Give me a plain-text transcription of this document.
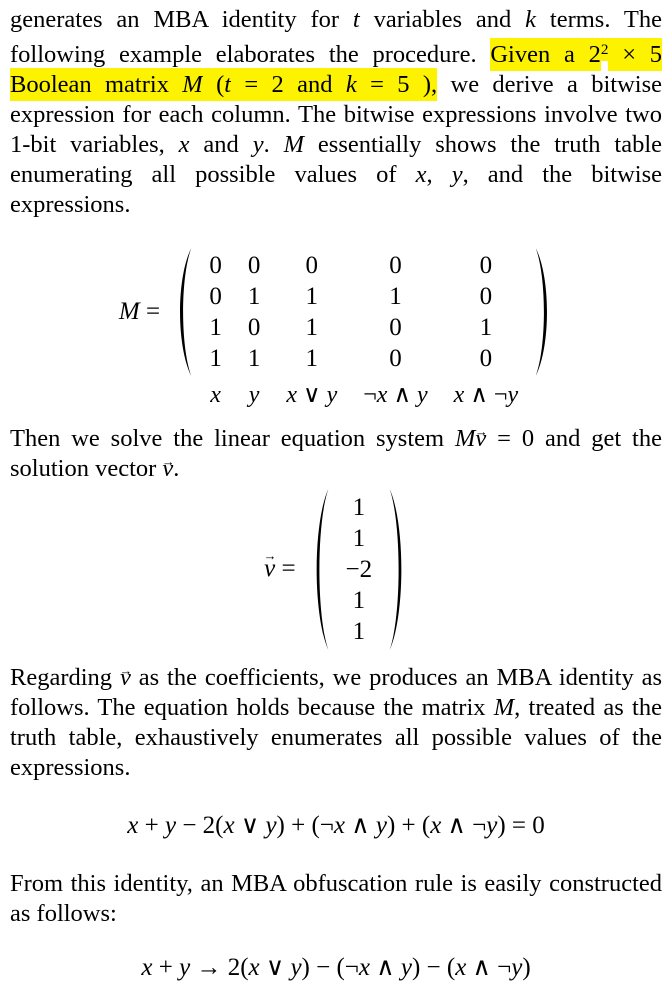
generates an MBA identity for t variables and k terms. The following example elaborates the procedure. Given a $2^2 \times 5$ Boolean matrix M (t = 2 and k = 5 ), we derive a bitwise expression for each column. The bitwise expressions involve two 1-bit variables, x and y. M essentially shows the truth table enumerating all possible values of x, y, and the bitwise expressions.

M =
0	0	0	0	0
0	1	1	1	0
1	0	1	0	1
1	1	1	0	0
x	y	x ∨ y	¬x ∧ y	x ∧ ¬y

Then we solve the linear equation system Mv → = 0 and get the solution vector v →.

v → =
1
1
−2
1
1

Regarding v → as the coefficients, we produces an MBA identity as follows. The equation holds because the matrix M, treated as the truth table, exhaustively enumerates all possible values of the expressions.

x + y − 2(x ∨ y) + (¬x ∧ y) + (x ∧ ¬y) = 0

From this identity, an MBA obfuscation rule is easily constructed as follows:

x + y → 2(x ∨ y) − (¬x ∧ y) − (x ∧ ¬y)
